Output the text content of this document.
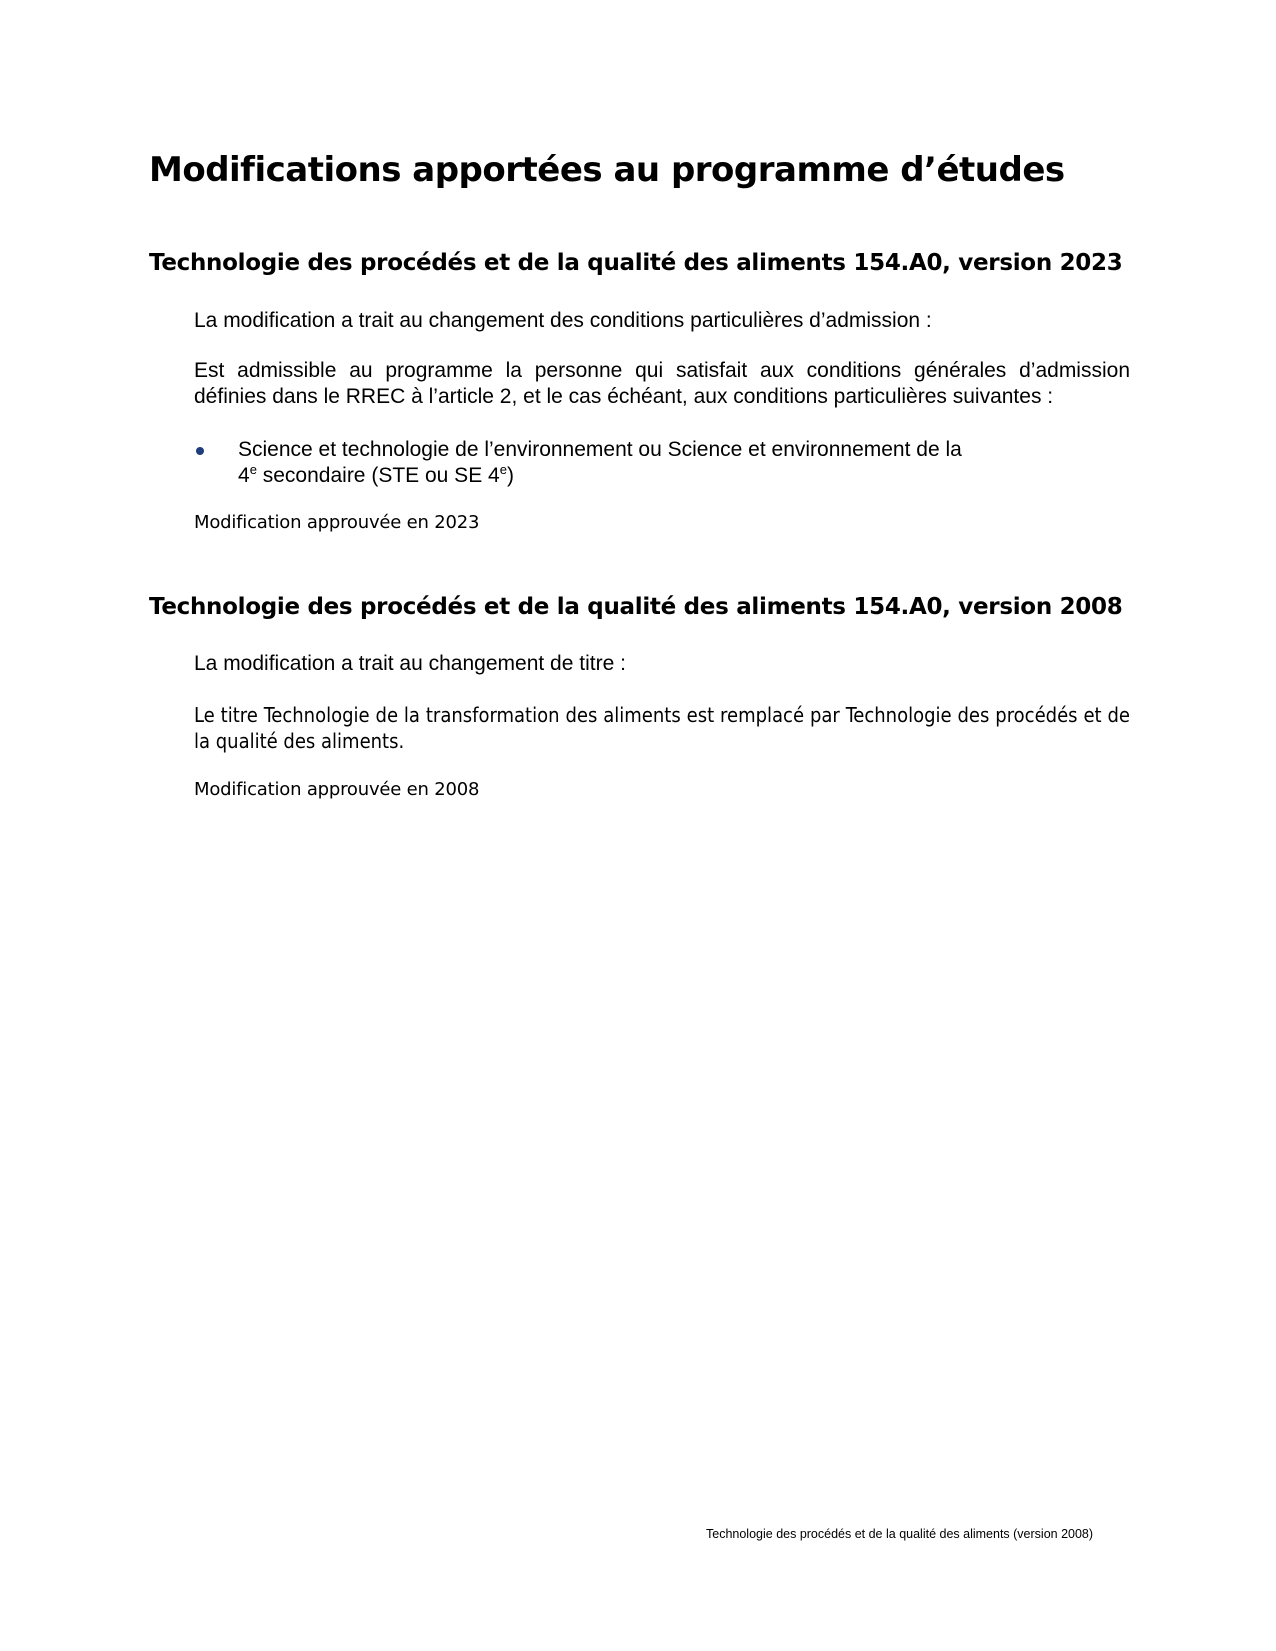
Modifications apportées au programme d’études
Technologie des procédés et de la qualité des aliments 154.A0, version 2023

La modification a trait au changement des conditions particulières d’admission :

Est admissible au programme la personne qui satisfait aux conditions générales d’admission définies dans le RREC à l’article 2, et le cas échéant, aux conditions particulières suivantes :

Science et technologie de l’environnement ou Science et environnement de la
4e secondaire (STE ou SE 4e)

Modification approuvée en 2023

Technologie des procédés et de la qualité des aliments 154.A0, version 2008

La modification a trait au changement de titre :

Le titre Technologie de la transformation des aliments est remplacé par Technologie des procédés et de la qualité des aliments.

Modification approuvée en 2008

Technologie des procédés et de la qualité des aliments (version 2008)
